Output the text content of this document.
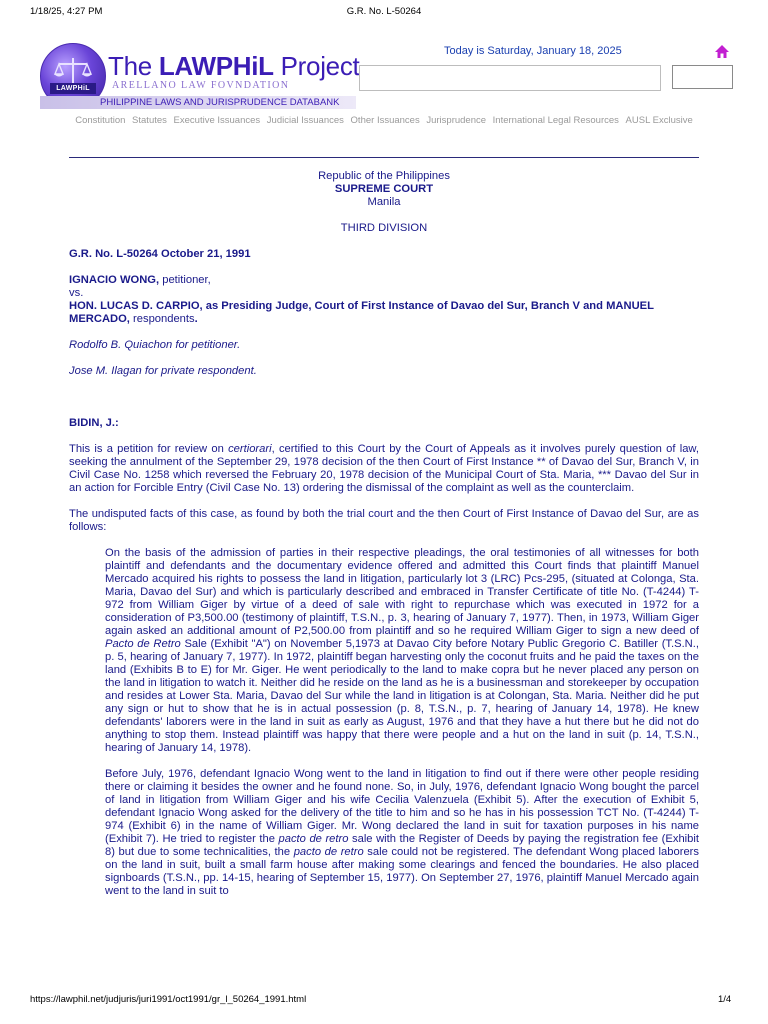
1/18/25, 4:27 PM	G.R. No. L-50264
LAWPHiL
The LAWPHiL Project
ARELLANO LAW FOVNDATION
PHILIPPINE LAWS AND JURISPRUDENCE DATABANK
Today is Saturday, January 18, 2025
Constitution Statutes Executive Issuances Judicial Issuances Other Issuances Jurisprudence International Legal Resources AUSL Exclusive
Republic of the Philippines
SUPREME COURT
Manila
THIRD DIVISION
G.R. No. L-50264 October 21, 1991
IGNACIO WONG, petitioner,
vs.
HON. LUCAS D. CARPIO, as Presiding Judge, Court of First Instance of Davao del Sur, Branch V and MANUEL MERCADO, respondents.
Rodolfo B. Quiachon for petitioner.
Jose M. Ilagan for private respondent.
BIDIN, J.:

This is a petition for review on certiorari, certified to this Court by the Court of Appeals as it involves purely question of law, seeking the annulment of the September 29, 1978 decision of the then Court of First Instance ** of Davao del Sur, Branch V, in Civil Case No. 1258 which reversed the February 20, 1978 decision of the Municipal Court of Sta. Maria, *** Davao del Sur in an action for Forcible Entry (Civil Case No. 13) ordering the dismissal of the complaint as well as the counterclaim.

The undisputed facts of this case, as found by both the trial court and the then Court of First Instance of Davao del Sur, are as follows:

On the basis of the admission of parties in their respective pleadings, the oral testimonies of all witnesses for both plaintiff and defendants and the documentary evidence offered and admitted this Court finds that plaintiff Manuel Mercado acquired his rights to possess the land in litigation, particularly lot 3 (LRC) Pcs-295, (situated at Colonga, Sta. Maria, Davao del Sur) and which is particularly described and embraced in Transfer Certificate of title No. (T-4244) T-972 from William Giger by virtue of a deed of sale with right to repurchase which was executed in 1972 for a consideration of P3,500.00 (testimony of plaintiff, T.S.N., p. 3, hearing of January 7, 1977). Then, in 1973, William Giger again asked an additional amount of P2,500.00 from plaintiff and so he required William Giger to sign a new deed of Pacto de Retro Sale (Exhibit "A") on November 5,1973 at Davao City before Notary Public Gregorio C. Batiller (T.S.N., p. 5, hearing of January 7, 1977). In 1972, plaintiff began harvesting only the coconut fruits and he paid the taxes on the land (Exhibits B to E) for Mr. Giger. He went periodically to the land to make copra but he never placed any person on the land in litigation to watch it. Neither did he reside on the land as he is a businessman and storekeeper by occupation and resides at Lower Sta. Maria, Davao del Sur while the land in litigation is at Colongan, Sta. Maria. Neither did he put any sign or hut to show that he is in actual possession (p. 8, T.S.N., p. 7, hearing of January 14, 1978). He knew defendants' laborers were in the land in suit as early as August, 1976 and that they have a hut there but he did not do anything to stop them. Instead plaintiff was happy that there were people and a hut on the land in suit (p. 14, T.S.N., hearing of January 14, 1978).

Before July, 1976, defendant Ignacio Wong went to the land in litigation to find out if there were other people residing there or claiming it besides the owner and he found none. So, in July, 1976, defendant Ignacio Wong bought the parcel of land in litigation from William Giger and his wife Cecilia Valenzuela (Exhibit 5). After the execution of Exhibit 5, defendant Ignacio Wong asked for the delivery of the title to him and so he has in his possession TCT No. (T-4244) T-974 (Exhibit 6) in the name of William Giger. Mr. Wong declared the land in suit for taxation purposes in his name (Exhibit 7). He tried to register the pacto de retro sale with the Register of Deeds by paying the registration fee (Exhibit 8) but due to some technicalities, the pacto de retro sale could not be registered. The defendant Wong placed laborers on the land in suit, built a small farm house after making some clearings and fenced the boundaries. He also placed signboards (T.S.N., pp. 14-15, hearing of September 15, 1977). On September 27, 1976, plaintiff Manuel Mercado again went to the land in suit to

https://lawphil.net/judjuris/juri1991/oct1991/gr_l_50264_1991.html	1/4
